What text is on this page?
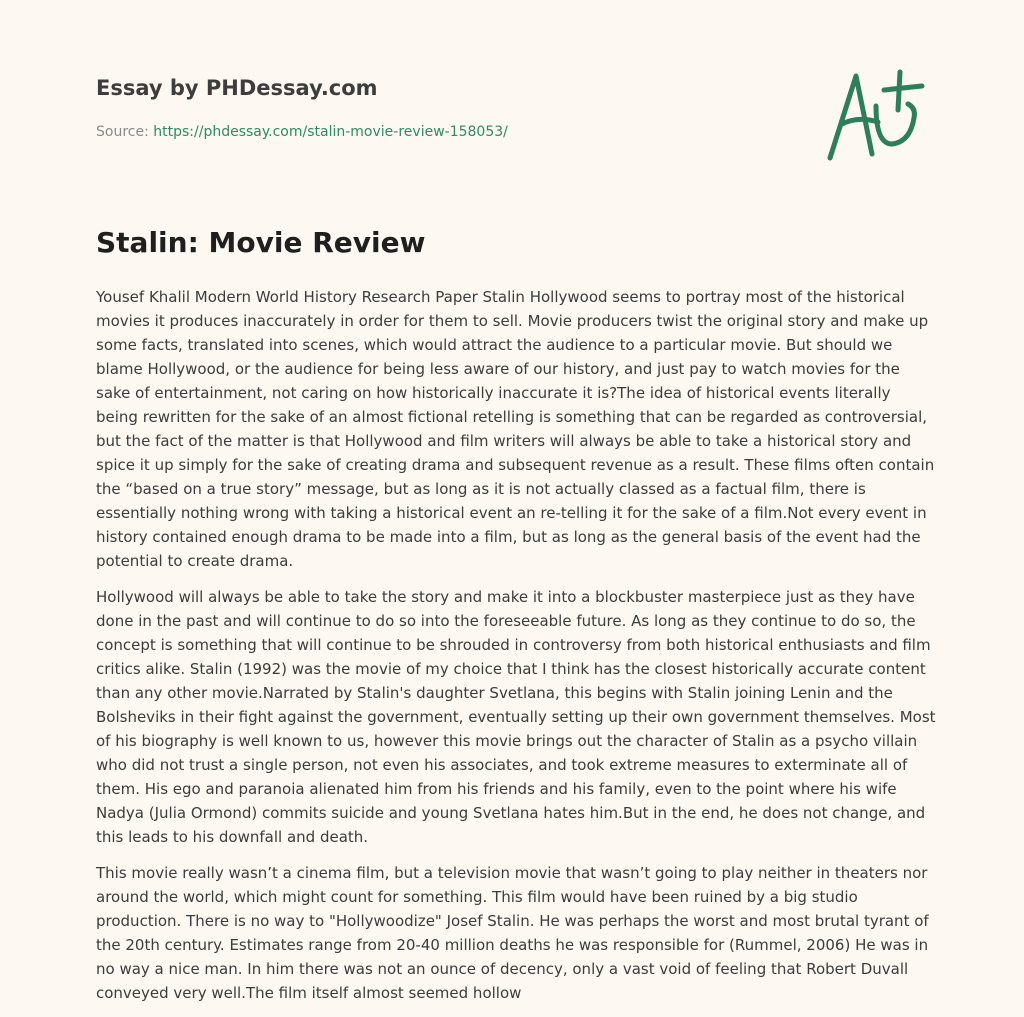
Essay by PHDessay.com
Source: https://phdessay.com/stalin-movie-review-158053/
Stalin: Movie Review

Yousef Khalil Modern World History Research Paper Stalin Hollywood seems to portray most of the historical movies it produces inaccurately in order for them to sell. Movie producers twist the original story and make up some facts, translated into scenes, which would attract the audience to a particular movie. But should we blame Hollywood, or the audience for being less aware of our history, and just pay to watch movies for the sake of entertainment, not caring on how historically inaccurate it is?The idea of historical events literally being rewritten for the sake of an almost fictional retelling is something that can be regarded as controversial, but the fact of the matter is that Hollywood and film writers will always be able to take a historical story and spice it up simply for the sake of creating drama and subsequent revenue as a result. These films often contain the “based on a true story” message, but as long as it is not actually classed as a factual film, there is essentially nothing wrong with taking a historical event an re-telling it for the sake of a film.Not every event in history contained enough drama to be made into a film, but as long as the general basis of the event had the potential to create drama.

Hollywood will always be able to take the story and make it into a blockbuster masterpiece just as they have done in the past and will continue to do so into the foreseeable future. As long as they continue to do so, the concept is something that will continue to be shrouded in controversy from both historical enthusiasts and film critics alike. Stalin (1992) was the movie of my choice that I think has the closest historically accurate content than any other movie.Narrated by Stalin's daughter Svetlana, this begins with Stalin joining Lenin and the Bolsheviks in their fight against the government, eventually setting up their own government themselves. Most of his biography is well known to us, however this movie brings out the character of Stalin as a psycho villain who did not trust a single person, not even his associates, and took extreme measures to exterminate all of them. His ego and paranoia alienated him from his friends and his family, even to the point where his wife Nadya (Julia Ormond) commits suicide and young Svetlana hates him.But in the end, he does not change, and this leads to his downfall and death.

This movie really wasn’t a cinema film, but a television movie that wasn’t going to play neither in theaters nor around the world, which might count for something. This film would have been ruined by a big studio production. There is no way to "Hollywoodize" Josef Stalin. He was perhaps the worst and most brutal tyrant of the 20th century. Estimates range from 20-40 million deaths he was responsible for (Rummel, 2006) He was in no way a nice man. In him there was not an ounce of decency, only a vast void of feeling that Robert Duvall conveyed very well.The film itself almost seemed hollow
